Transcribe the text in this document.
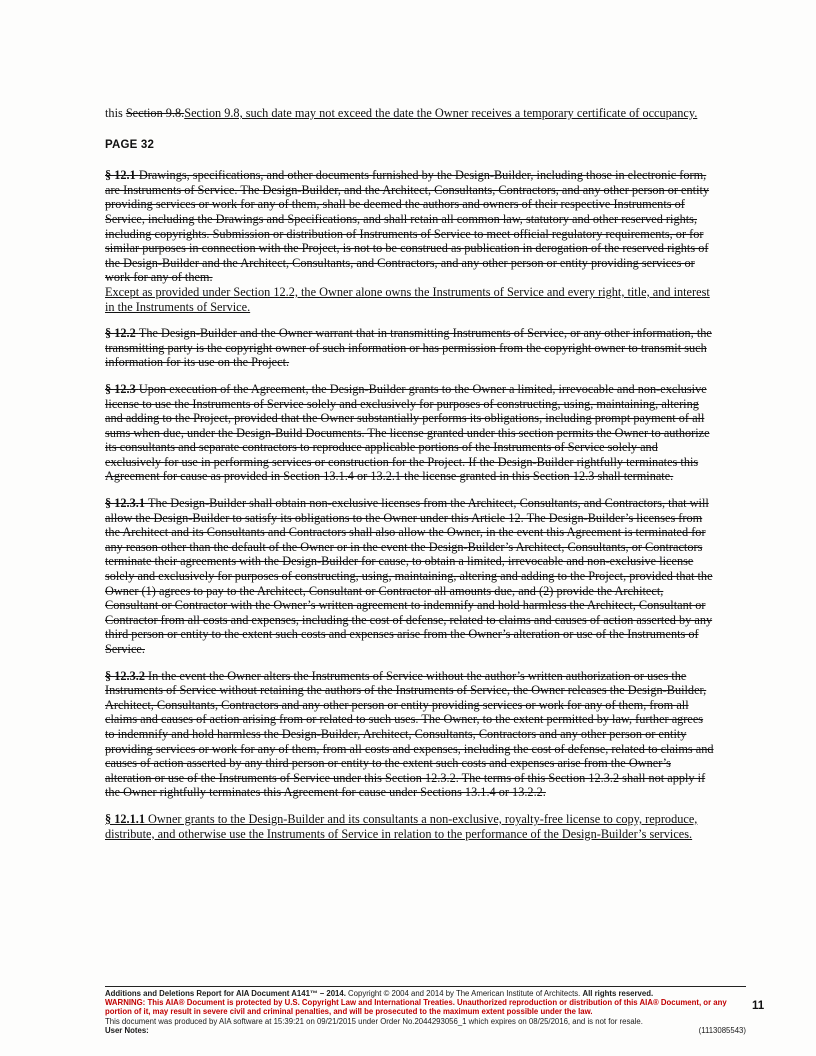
this Section 9.8.Section 9.8, such date may not exceed the date the Owner receives a temporary certificate of occupancy.
PAGE 32
§ 12.1 Drawings, specifications, and other documents furnished by the Design-Builder, including those in electronic form, are Instruments of Service. The Design-Builder, and the Architect, Consultants, Contractors, and any other person or entity providing services or work for any of them, shall be deemed the authors and owners of their respective Instruments of Service, including the Drawings and Specifications, and shall retain all common law, statutory and other reserved rights, including copyrights. Submission or distribution of Instruments of Service to meet official regulatory requirements, or for similar purposes in connection with the Project, is not to be construed as publication in derogation of the reserved rights of the Design-Builder and the Architect, Consultants, and Contractors, and any other person or entity providing services or work for any of them.
Except as provided under Section 12.2, the Owner alone owns the Instruments of Service and every right, title, and interest in the Instruments of Service.
§ 12.2 The Design-Builder and the Owner warrant that in transmitting Instruments of Service, or any other information, the transmitting party is the copyright owner of such information or has permission from the copyright owner to transmit such information for its use on the Project.
§ 12.3 Upon execution of the Agreement, the Design-Builder grants to the Owner a limited, irrevocable and non-exclusive license to use the Instruments of Service solely and exclusively for purposes of constructing, using, maintaining, altering and adding to the Project, provided that the Owner substantially performs its obligations, including prompt payment of all sums when due, under the Design-Build Documents. The license granted under this section permits the Owner to authorize its consultants and separate contractors to reproduce applicable portions of the Instruments of Service solely and exclusively for use in performing services or construction for the Project. If the Design-Builder rightfully terminates this Agreement for cause as provided in Section 13.1.4 or 13.2.1 the license granted in this Section 12.3 shall terminate.
§ 12.3.1 The Design-Builder shall obtain non-exclusive licenses from the Architect, Consultants, and Contractors, that will allow the Design-Builder to satisfy its obligations to the Owner under this Article 12. The Design-Builder’s licenses from the Architect and its Consultants and Contractors shall also allow the Owner, in the event this Agreement is terminated for any reason other than the default of the Owner or in the event the Design-Builder’s Architect, Consultants, or Contractors terminate their agreements with the Design-Builder for cause, to obtain a limited, irrevocable and non-exclusive license solely and exclusively for purposes of constructing, using, maintaining, altering and adding to the Project, provided that the Owner (1) agrees to pay to the Architect, Consultant or Contractor all amounts due, and (2) provide the Architect, Consultant or Contractor with the Owner’s written agreement to indemnify and hold harmless the Architect, Consultant or Contractor from all costs and expenses, including the cost of defense, related to claims and causes of action asserted by any third person or entity to the extent such costs and expenses arise from the Owner’s alteration or use of the Instruments of Service.
§ 12.3.2 In the event the Owner alters the Instruments of Service without the author’s written authorization or uses the Instruments of Service without retaining the authors of the Instruments of Service, the Owner releases the Design-Builder, Architect, Consultants, Contractors and any other person or entity providing services or work for any of them, from all claims and causes of action arising from or related to such uses. The Owner, to the extent permitted by law, further agrees to indemnify and hold harmless the Design-Builder, Architect, Consultants, Contractors and any other person or entity providing services or work for any of them, from all costs and expenses, including the cost of defense, related to claims and causes of action asserted by any third person or entity to the extent such costs and expenses arise from the Owner’s alteration or use of the Instruments of Service under this Section 12.3.2. The terms of this Section 12.3.2 shall not apply if the Owner rightfully terminates this Agreement for cause under Sections 13.1.4 or 13.2.2.
§ 12.1.1 Owner grants to the Design-Builder and its consultants a non-exclusive, royalty-free license to copy, reproduce, distribute, and otherwise use the Instruments of Service in relation to the performance of the Design-Builder’s services.
Additions and Deletions Report for AIA Document A141™ – 2014. Copyright © 2004 and 2014 by The American Institute of Architects. All rights reserved.
WARNING: This AIA® Document is protected by U.S. Copyright Law and International Treaties. Unauthorized reproduction or distribution of this AIA® Document, or any portion of it, may result in severe civil and criminal penalties, and will be prosecuted to the maximum extent possible under the law.
This document was produced by AIA software at 15:39:21 on 09/21/2015 under Order No.2044293056_1 which expires on 08/25/2016, and is not for resale.
User Notes:	(1113085543)
11
